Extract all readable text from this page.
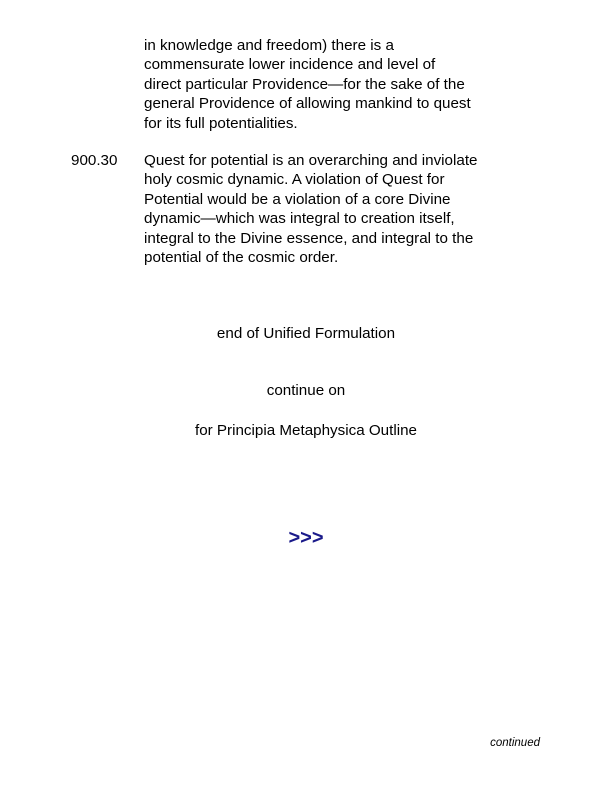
in knowledge and freedom) there is a
commensurate lower incidence and level of
direct particular Providence—for the sake of the
general Providence of allowing mankind to quest
for its full potentialities.
900.30 Quest for potential is an overarching and inviolate
holy cosmic dynamic. A violation of Quest for
Potential would be a violation of a core Divine
dynamic—which was integral to creation itself,
integral to the Divine essence, and integral to the
potential of the cosmic order.
end of Unified Formulation
continue on
for Principia Metaphysica Outline
>>>
continued
